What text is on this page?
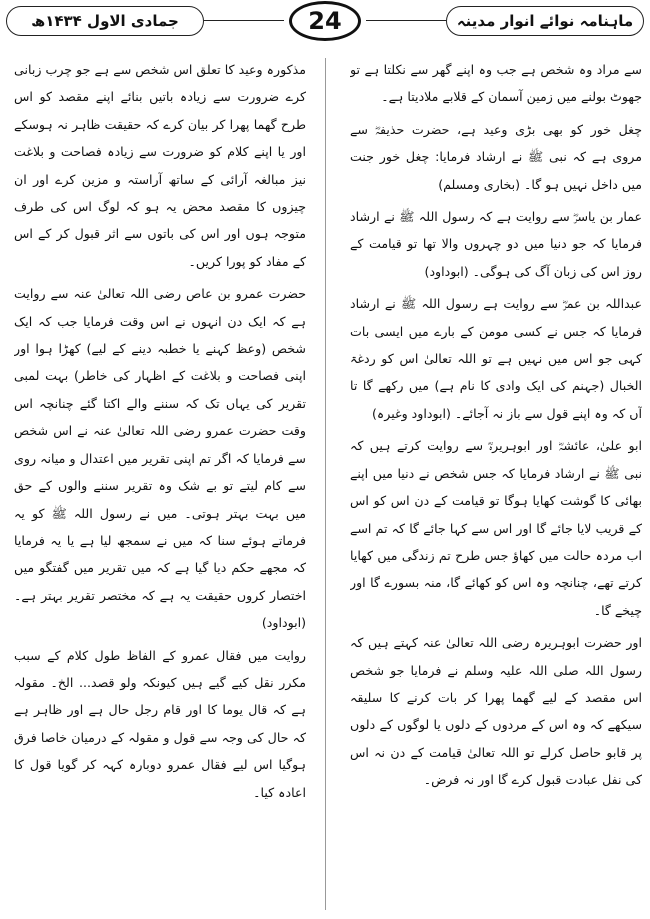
ماہنامہ نوائے انوار مدینہ
24
جمادی الاول ۱۴۳۴ھ

سے مراد وہ شخص ہے جب وہ اپنے گھر سے نکلتا ہے تو جھوٹ بولنے میں زمین آسمان کے قلابے ملادیتا ہے۔

چغل خور کو بھی بڑی وعید ہے، حضرت حذیفہؓ سے مروی ہے کہ نبی ﷺ نے ارشاد فرمایا: چغل خور جنت میں داخل نہیں ہو گا۔ (بخاری ومسلم)

عمار بن یاسرؓ سے روایت ہے کہ رسول اللہ ﷺ نے ارشاد فرمایا کہ جو دنیا میں دو چہروں والا تھا تو قیامت کے روز اس کی زبان آگ کی ہوگی۔ (ابوداود)

عبداللہ بن عمرؓ سے روایت ہے رسول اللہ ﷺ نے ارشاد فرمایا کہ جس نے کسی مومن کے بارے میں ایسی بات کہی جو اس میں نہیں ہے تو اللہ تعالیٰ اس کو ردغۃ الخبال (جہنم کی ایک وادی کا نام ہے) میں رکھے گا تا آں کہ وہ اپنے قول سے باز نہ آجائے۔ (ابوداود وغیرہ)

ابو علیٰ، عائشہؓ اور ابوہریرہؓ سے روایت کرتے ہیں کہ نبی ﷺ نے ارشاد فرمایا کہ جس شخص نے دنیا میں اپنے بھائی کا گوشت کھایا ہوگا تو قیامت کے دن اس کو اس کے قریب لایا جائے گا اور اس سے کہا جائے گا کہ تم اسے اب مردہ حالت میں کھاؤ جس طرح تم زندگی میں کھایا کرتے تھے، چنانچہ وہ اس کو کھائے گا، منہ بسورے گا اور چیخے گا۔

اور حضرت ابوہریرہ رضی اللہ تعالیٰ عنہ کہتے ہیں کہ رسول اللہ صلی اللہ علیہ وسلم نے فرمایا جو شخص اس مقصد کے لیے گھما پھرا کر بات کرنے کا سلیقہ سیکھے کہ وہ اس کے مردوں کے دلوں یا لوگوں کے دلوں پر قابو حاصل کرلے تو اللہ تعالیٰ قیامت کے دن نہ اس کی نفل عبادت قبول کرے گا اور نہ فرض۔

مذکورہ وعید کا تعلق اس شخص سے ہے جو چرب زبانی کرے ضرورت سے زیادہ باتیں بنائے اپنے مقصد کو اس طرح گھما پھرا کر بیان کرے کہ حقیقت ظاہر نہ ہوسکے اور یا اپنے کلام کو ضرورت سے زیادہ فصاحت و بلاغت نیز مبالغہ آرائی کے ساتھ آراستہ و مزین کرے اور ان چیزوں کا مقصد محض یہ ہو کہ لوگ اس کی طرف متوجہ ہوں اور اس کی باتوں سے اثر قبول کر کے اس کے مفاد کو پورا کریں۔

حضرت عمرو بن عاص رضی اللہ تعالیٰ عنہ سے روایت ہے کہ ایک دن انہوں نے اس وقت فرمایا جب کہ ایک شخص (وعظ کہنے یا خطبہ دینے کے لیے) کھڑا ہوا اور اپنی فصاحت و بلاغت کے اظہار کی خاطر) بہت لمبی تقریر کی یہاں تک کہ سننے والے اکتا گئے چنانچہ اس وقت حضرت عمرو رضی اللہ تعالیٰ عنہ نے اس شخص سے فرمایا کہ اگر تم اپنی تقریر میں اعتدال و میانہ روی سے کام لیتے تو بے شک وہ تقریر سننے والوں کے حق میں بہت بہتر ہوتی۔ میں نے رسول اللہ ﷺ کو یہ فرماتے ہوئے سنا کہ میں نے سمجھ لیا ہے یا یہ فرمایا کہ مجھے حکم دیا گیا ہے کہ میں تقریر میں گفتگو میں اختصار کروں حقیقت یہ ہے کہ مختصر تقریر بہتر ہے۔ (ابوداود)

روایت میں فقال عمرو کے الفاظ طول کلام کے سبب مکرر نقل کیے گیے ہیں کیونکہ ولو قصد... الخ۔ مقولہ ہے کہ قال یوما کا اور قام رجل حال ہے اور ظاہر ہے کہ حال کی وجہ سے قول و مقولہ کے درمیان خاصا فرق ہوگیا اس لیے فقال عمرو دوبارہ کہہ کر گویا قول کا اعادہ کیا۔
